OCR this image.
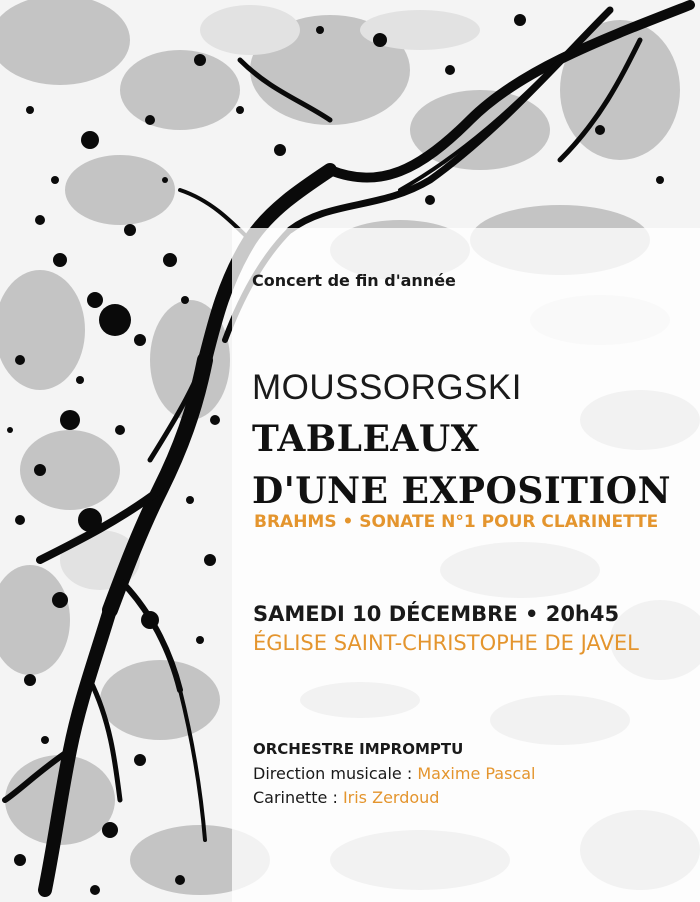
Concert de fin d'année

MOUSSORGSKI

TABLEAUX

D'UNE EXPOSITION

BRAHMS • SONATE N°1 POUR CLARINETTE

SAMEDI 10 DÉCEMBRE • 20h45

ÉGLISE SAINT-CHRISTOPHE DE JAVEL

ORCHESTRE IMPROMPTU

Direction musicale : Maxime Pascal

Carinette : Iris Zerdoud
